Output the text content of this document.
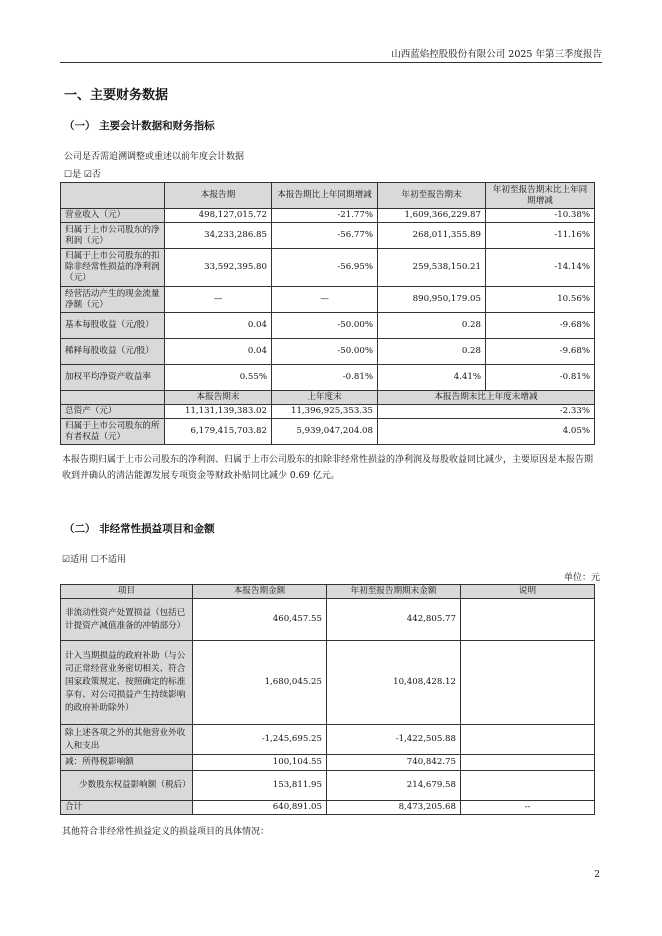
山西蓝焰控股股份有限公司 2025 年第三季度报告
一、主要财务数据
（一） 主要会计数据和财务指标
公司是否需追溯调整或重述以前年度会计数据
☐是 ☑否
	本报告期	本报告期比上年同期增减	年初至报告期末	年初至报告期末比上年同期增减
营业收入（元）	498,127,015.72	-21.77%	1,609,366,229.87	-10.38%
归属于上市公司股东的净利润（元）	34,233,286.85	-56.77%	268,011,355.89	-11.16%
归属于上市公司股东的扣除非经常性损益的净利润（元）	33,592,395.80	-56.95%	259,538,150.21	-14.14%
经营活动产生的现金流量净额（元）	—	—	890,950,179.05	10.56%
基本每股收益（元/股）	0.04	-50.00%	0.28	-9.68%
稀释每股收益（元/股）	0.04	-50.00%	0.28	-9.68%
加权平均净资产收益率	0.55%	-0.81%	4.41%	-0.81%
	本报告期末	上年度末	本报告期末比上年度末增减	
总资产（元）	11,131,139,383.02	11,396,925,353.35	-2.33%	
归属于上市公司股东的所有者权益（元）	6,179,415,703.82	5,939,047,204.08	4.05%	
本报告期归属于上市公司股东的净利润、归属于上市公司股东的扣除非经常性损益的净利润及每股收益同比减少，主要原因是本报告期收到并确认的清洁能源发展专项资金等财政补贴同比减少 0.69 亿元。
（二） 非经常性损益项目和金额
☑适用 ☐不适用
单位：元
项目	本报告期金额	年初至报告期期末金额	说明
非流动性资产处置损益（包括已计提资产减值准备的冲销部分）	460,457.55	442,805.77	
计入当期损益的政府补助（与公司正常经营业务密切相关、符合国家政策规定、按照确定的标准享有、对公司损益产生持续影响的政府补助除外）	1,680,045.25	10,408,428.12	
除上述各项之外的其他营业外收入和支出	-1,245,695.25	-1,422,505.88	
减：所得税影响额	100,104.55	740,842.75	
少数股东权益影响额（税后）	153,811.95	214,679.58	
合计	640,891.05	8,473,205.68	--
其他符合非经常性损益定义的损益项目的具体情况：
2
